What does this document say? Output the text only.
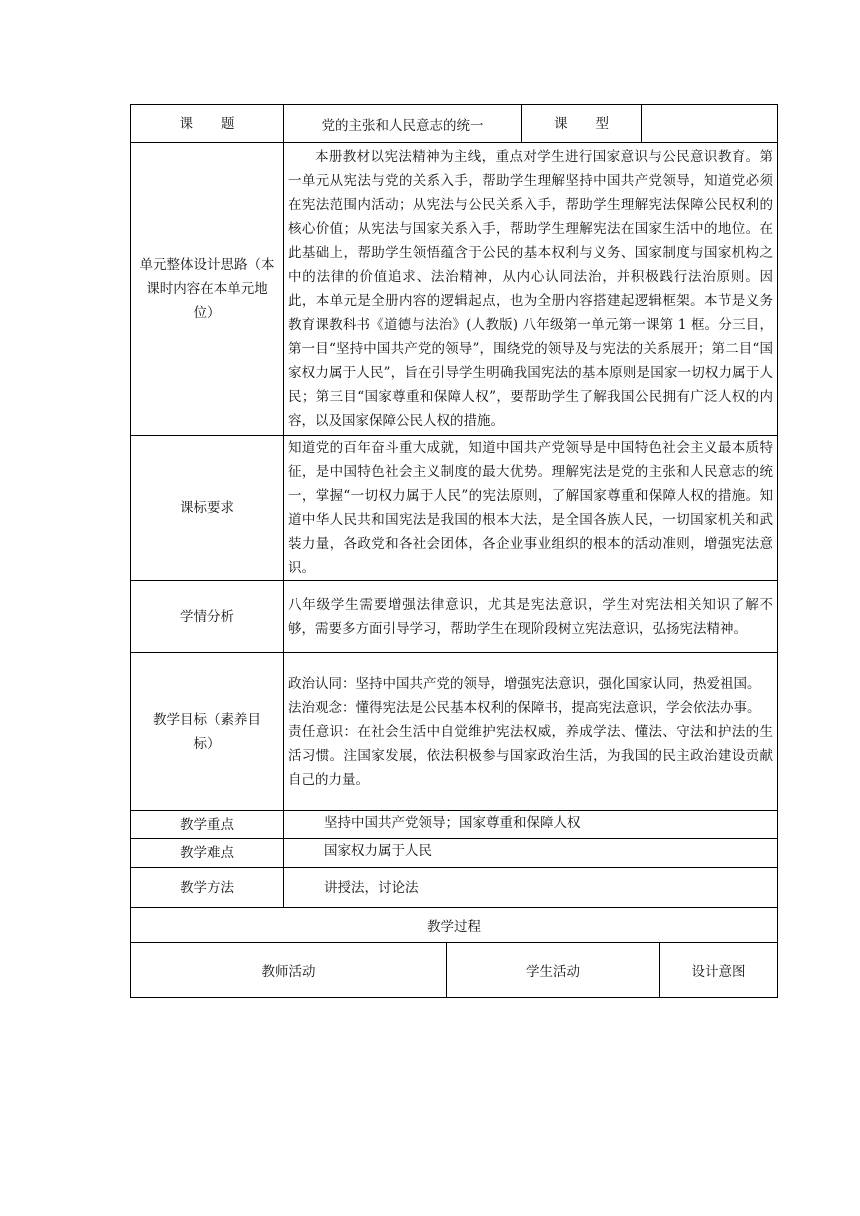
课题	党的主张和人民意志的统一		课型		
单元整体设计思路（本课时内容在本单元地位）	本册教材以宪法精神为主线，重点对学生进行国家意识与公民意识教育。第一单元从宪法与党的关系入手，帮助学生理解坚持中国共产党领导，知道党必须在宪法范围内活动；从宪法与公民关系入手，帮助学生理解宪法保障公民权利的核心价值；从宪法与国家关系入手，帮助学生理解宪法在国家生活中的地位。在此基础上，帮助学生领悟蕴含于公民的基本权利与义务、国家制度与国家机构之中的法律的价值追求、法治精神，从内心认同法治，并积极践行法治原则。因此，本单元是全册内容的逻辑起点，也为全册内容搭建起逻辑框架。本节是义务教育课教科书《道德与法治》(人教版) 八年级第一单元第一课第 1 框。分三目，第一目“坚持中国共产党的领导”，围绕党的领导及与宪法的关系展开；第二目“国家权力属于人民”，旨在引导学生明确我国宪法的基本原则是国家一切权力属于人民；第三目“国家尊重和保障人权”，要帮助学生了解我国公民拥有广泛人权的内容，以及国家保障公民人权的措施。				
课标要求	知道党的百年奋斗重大成就，知道中国共产党领导是中国特色社会主义最本质特征，是中国特色社会主义制度的最大优势。理解宪法是党的主张和人民意志的统一，掌握“一切权力属于人民”的宪法原则，了解国家尊重和保障人权的措施。知道中华人民共和国宪法是我国的根本大法，是全国各族人民，一切国家机关和武装力量，各政党和各社会团体，各企业事业组织的根本的活动准则，增强宪法意识。				
学情分析	八年级学生需要增强法律意识，尤其是宪法意识，学生对宪法相关知识了解不够，需要多方面引导学习，帮助学生在现阶段树立宪法意识，弘扬宪法精神。				
教学目标（素养目标）	政治认同：坚持中国共产党的领导，增强宪法意识，强化国家认同，热爱祖国。
法治观念：懂得宪法是公民基本权利的保障书，提高宪法意识，学会依法办事。
责任意识：在社会生活中自觉维护宪法权威，养成学法、懂法、守法和护法的生活习惯。注国家发展，依法积极参与国家政治生活，为我国的民主政治建设贡献自己的力量。				

教学重点	坚持中国共产党领导；国家尊重和保障人权				
教学难点	国家权力属于人民				
教学方法	讲授法，讨论法				
教学过程					
教师活动		学生活动			设计意图
